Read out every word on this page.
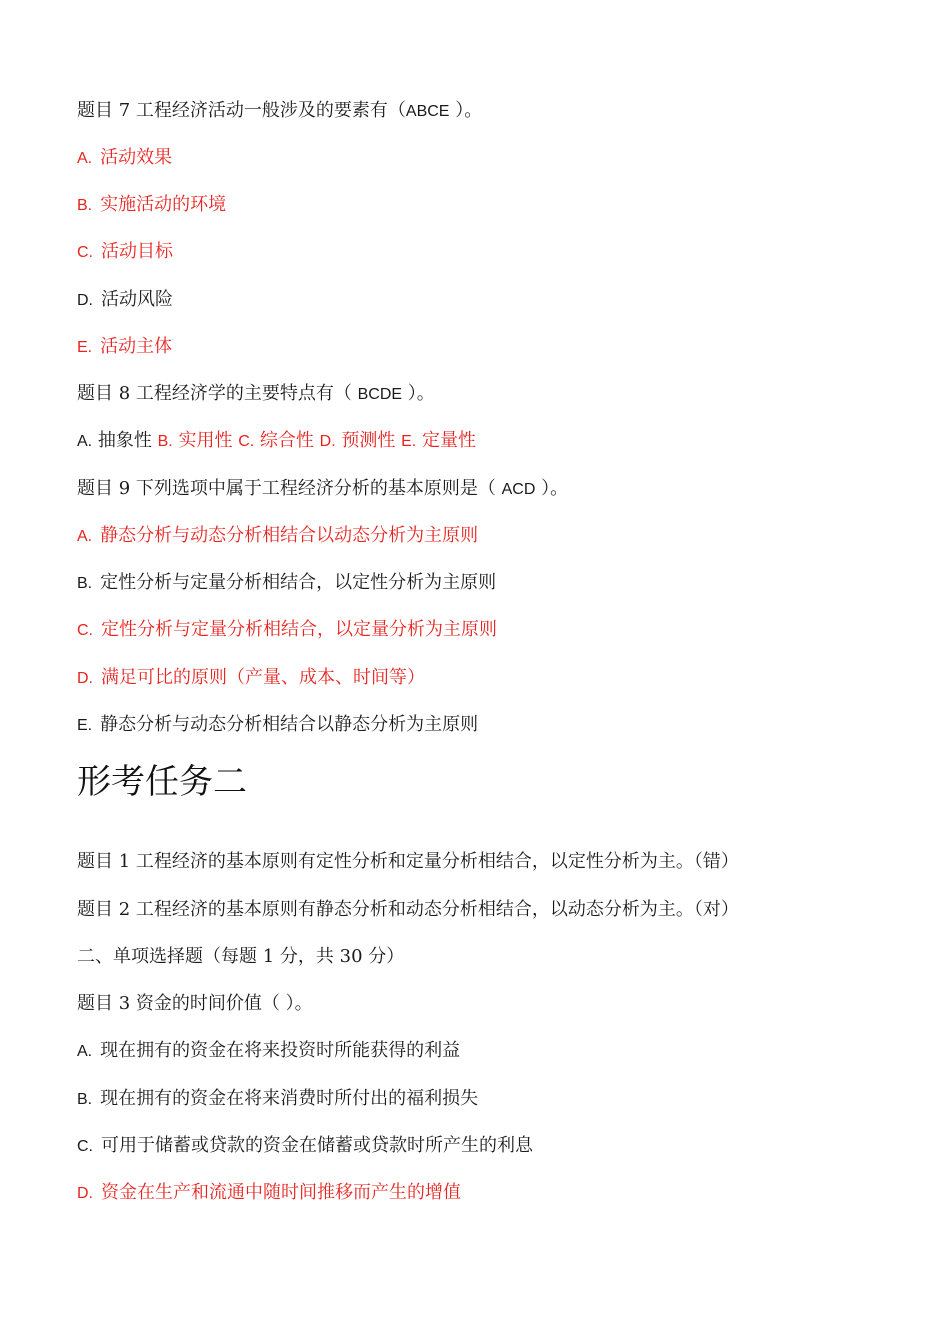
题目 7 工程经济活动一般涉及的要素有（ABCE ）。
A. 活动效果
B. 实施活动的环境
C. 活动目标
D. 活动风险
E. 活动主体
题目 8 工程经济学的主要特点有（ BCDE ）。
A. 抽象性 B. 实用性 C. 综合性 D. 预测性 E. 定量性
题目 9 下列选项中属于工程经济分析的基本原则是（ ACD ）。
A. 静态分析与动态分析相结合以动态分析为主原则
B. 定性分析与定量分析相结合，以定性分析为主原则
C. 定性分析与定量分析相结合，以定量分析为主原则
D. 满足可比的原则（产量、成本、时间等）
E. 静态分析与动态分析相结合以静态分析为主原则
形考任务二
题目 1 工程经济的基本原则有定性分析和定量分析相结合，以定性分析为主。（错）
题目 2 工程经济的基本原则有静态分析和动态分析相结合，以动态分析为主。（对）
二、单项选择题（每题 1 分，共 30 分）
题目 3 资金的时间价值（ ）。
A. 现在拥有的资金在将来投资时所能获得的利益
B. 现在拥有的资金在将来消费时所付出的福利损失
C. 可用于储蓄或贷款的资金在储蓄或贷款时所产生的利息
D. 资金在生产和流通中随时间推移而产生的增值
